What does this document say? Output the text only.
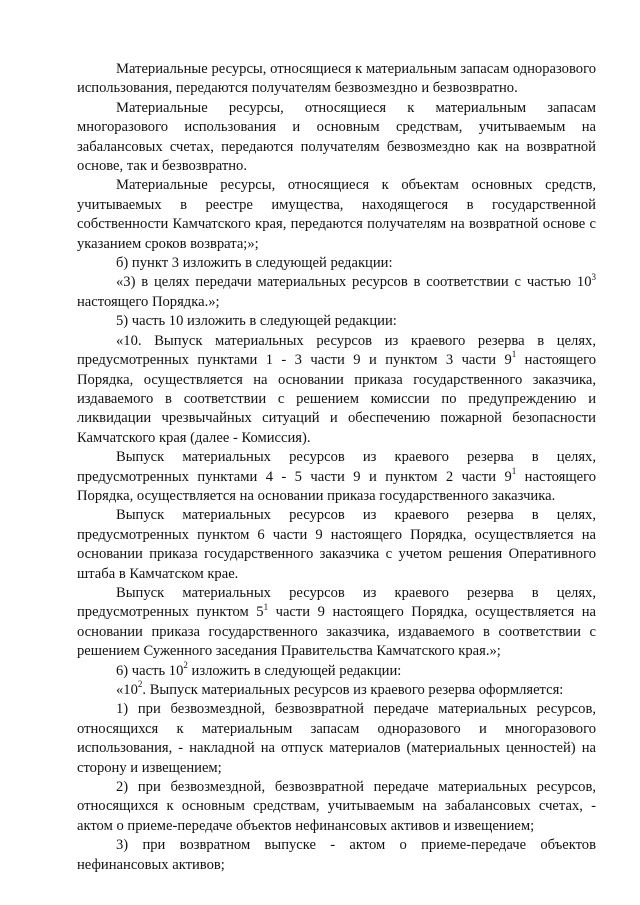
Материальные ресурсы, относящиеся к материальным запасам одноразового использования, передаются получателям безвозмездно и безвозвратно.

Материальные ресурсы, относящиеся к материальным запасам многоразового использования и основным средствам, учитываемым на забалансовых счетах, передаются получателям безвозмездно как на возвратной основе, так и безвозвратно.

Материальные ресурсы, относящиеся к объектам основных средств, учитываемых в реестре имущества, находящегося в государственной собственности Камчатского края, передаются получателям на возвратной основе с указанием сроков возврата;»;

б) пункт 3 изложить в следующей редакции:

«3) в целях передачи материальных ресурсов в соответствии с частью $10^3$ настоящего Порядка.»;

5) часть 10 изложить в следующей редакции:

«10. Выпуск материальных ресурсов из краевого резерва в целях, предусмотренных пунктами 1 - 3 части 9 и пунктом 3 части $9^1$ настоящего Порядка, осуществляется на основании приказа государственного заказчика, издаваемого в соответствии с решением комиссии по предупреждению и ликвидации чрезвычайных ситуаций и обеспечению пожарной безопасности Камчатского края (далее - Комиссия).

Выпуск материальных ресурсов из краевого резерва в целях, предусмотренных пунктами 4 - 5 части 9 и пунктом 2 части $9^1$ настоящего Порядка, осуществляется на основании приказа государственного заказчика.

Выпуск материальных ресурсов из краевого резерва в целях, предусмотренных пунктом 6 части 9 настоящего Порядка, осуществляется на основании приказа государственного заказчика с учетом решения Оперативного штаба в Камчатском крае.

Выпуск материальных ресурсов из краевого резерва в целях, предусмотренных пунктом $5^1$ части 9 настоящего Порядка, осуществляется на основании приказа государственного заказчика, издаваемого в соответствии с решением Суженного заседания Правительства Камчатского края.»;

6) часть $10^2$ изложить в следующей редакции:

«$10^2$. Выпуск материальных ресурсов из краевого резерва оформляется:

1) при безвозмездной, безвозвратной передаче материальных ресурсов, относящихся к материальным запасам одноразового и многоразового использования, - накладной на отпуск материалов (материальных ценностей) на сторону и извещением;

2) при безвозмездной, безвозвратной передаче материальных ресурсов, относящихся к основным средствам, учитываемым на забалансовых счетах, - актом о приеме-передаче объектов нефинансовых активов и извещением;

3) при возвратном выпуске - актом о приеме-передаче объектов нефинансовых активов;
